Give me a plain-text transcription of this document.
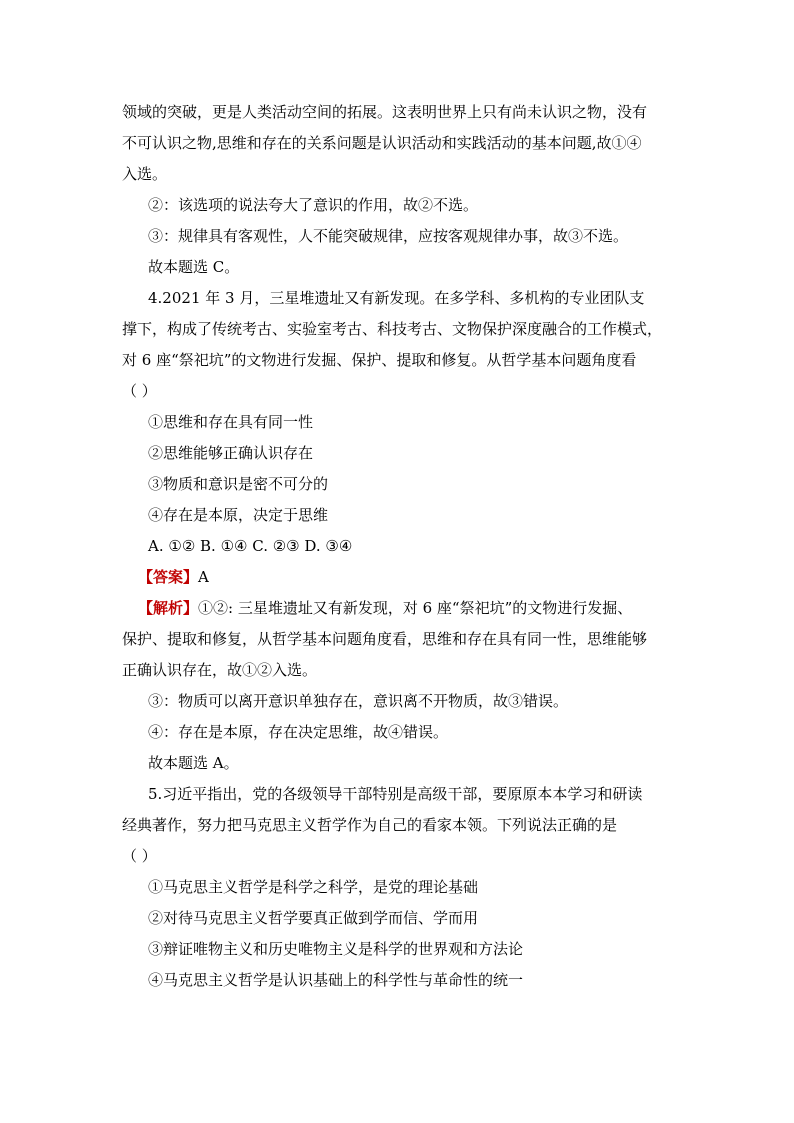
领域的突破，更是人类活动空间的拓展。这表明世界上只有尚未认识之物，没有
不可认识之物,思维和存在的关系问题是认识活动和实践活动的基本问题,故①④
入选。
②：该选项的说法夸大了意识的作用，故②不选。
③：规律具有客观性，人不能突破规律，应按客观规律办事，故③不选。
故本题选 C。
4.2021 年 3 月，三星堆遗址又有新发现。在多学科、多机构的专业团队支
撑下，构成了传统考古、实验室考古、科技考古、文物保护深度融合的工作模式，
对 6 座“祭祀坑”的文物进行发掘、保护、提取和修复。从哲学基本问题角度看
（ ）
①思维和存在具有同一性
②思维能够正确认识存在
③物质和意识是密不可分的
④存在是本原，决定于思维
A. ①② B. ①④ C. ②③ D. ③④
【答案】A
【解析】①②: 三星堆遗址又有新发现，对 6 座“祭祀坑”的文物进行发掘、
保护、提取和修复，从哲学基本问题角度看，思维和存在具有同一性，思维能够
正确认识存在，故①②入选。
③：物质可以离开意识单独存在，意识离不开物质，故③错误。
④：存在是本原，存在决定思维，故④错误。
故本题选 A。
5.习近平指出，党的各级领导干部特别是高级干部，要原原本本学习和研读
经典著作，努力把马克思主义哲学作为自己的看家本领。下列说法正确的是
（ ）
①马克思主义哲学是科学之科学，是党的理论基础
②对待马克思主义哲学要真正做到学而信、学而用
③辩证唯物主义和历史唯物主义是科学的世界观和方法论
④马克思主义哲学是认识基础上的科学性与革命性的统一
